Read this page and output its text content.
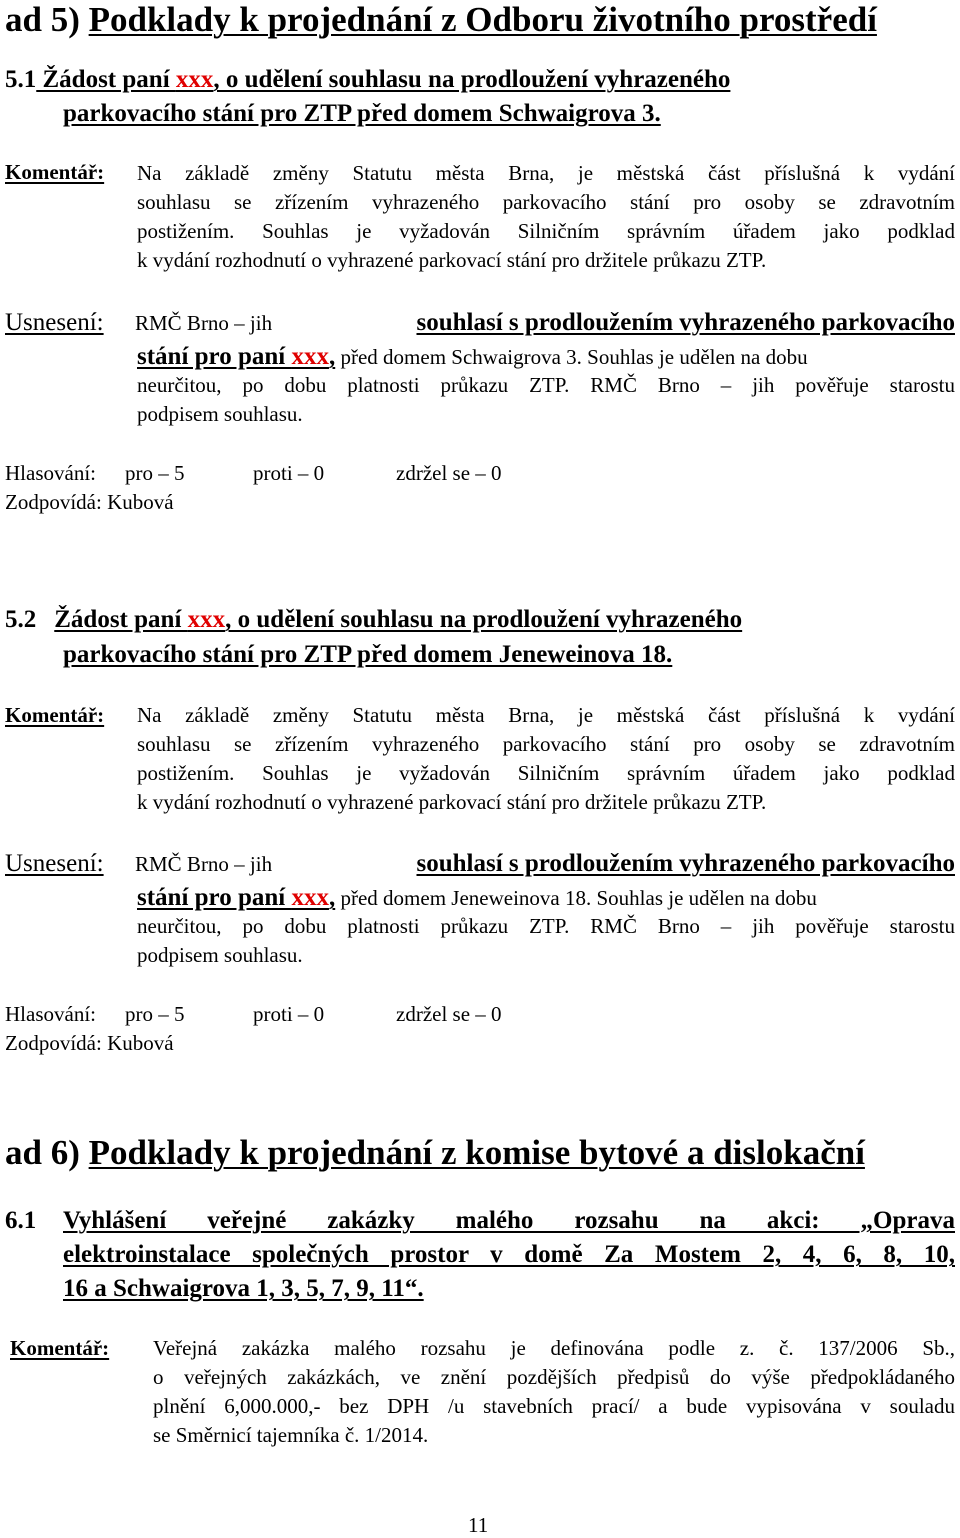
ad 5) Podklady k projednání z Odboru životního prostředí
5.1 Žádost paní xxx, o udělení souhlasu na prodloužení vyhrazeného
parkovacího stání pro ZTP před domem Schwaigrova 3.
Komentář: Na základě změny Statutu města Brna, je městská část příslušná k vydání
souhlasu se zřízením vyhrazeného parkovacího stání pro osoby se zdravotním
postižením. Souhlas je vyžadován Silničním správním úřadem jako podklad
k vydání rozhodnutí o vyhrazené parkovací stání pro držitele průkazu ZTP.
Usnesení: RMČ Brno – jih	souhlasí s prodloužením vyhrazeného parkovacího
stání pro paní xxx, před domem Schwaigrova 3. Souhlas je udělen na dobu
neurčitou, po dobu platnosti průkazu ZTP. RMČ Brno – jih pověřuje starostu
podpisem souhlasu.
Hlasování: pro – 5	proti – 0	zdržel se – 0
Zodpovídá: Kubová
5.2 Žádost paní xxx, o udělení souhlasu na prodloužení vyhrazeného
parkovacího stání pro ZTP před domem Jeneweinova 18.
Komentář: Na základě změny Statutu města Brna, je městská část příslušná k vydání
souhlasu se zřízením vyhrazeného parkovacího stání pro osoby se zdravotním
postižením. Souhlas je vyžadován Silničním správním úřadem jako podklad
k vydání rozhodnutí o vyhrazené parkovací stání pro držitele průkazu ZTP.
Usnesení: RMČ Brno – jih	souhlasí s prodloužením vyhrazeného parkovacího
stání pro paní xxx, před domem Jeneweinova 18. Souhlas je udělen na dobu
neurčitou, po dobu platnosti průkazu ZTP. RMČ Brno – jih pověřuje starostu
podpisem souhlasu.
Hlasování: pro – 5	proti – 0	zdržel se – 0
Zodpovídá: Kubová
ad 6) Podklady k projednání z komise bytové a dislokační
6.1 Vyhlášení veřejné zakázky malého rozsahu na akci: „Oprava
elektroinstalace společných prostor v domě Za Mostem 2, 4, 6, 8, 10,
16 a Schwaigrova 1, 3, 5, 7, 9, 11“.
Komentář: Veřejná zakázka malého rozsahu je definována podle z. č. 137/2006 Sb.,
o veřejných zakázkách, ve znění pozdějších předpisů do výše předpokládaného
plnění 6,000.000,- bez DPH /u stavebních prací/ a bude vypisována v souladu
se Směrnicí tajemníka č. 1/2014.
11
